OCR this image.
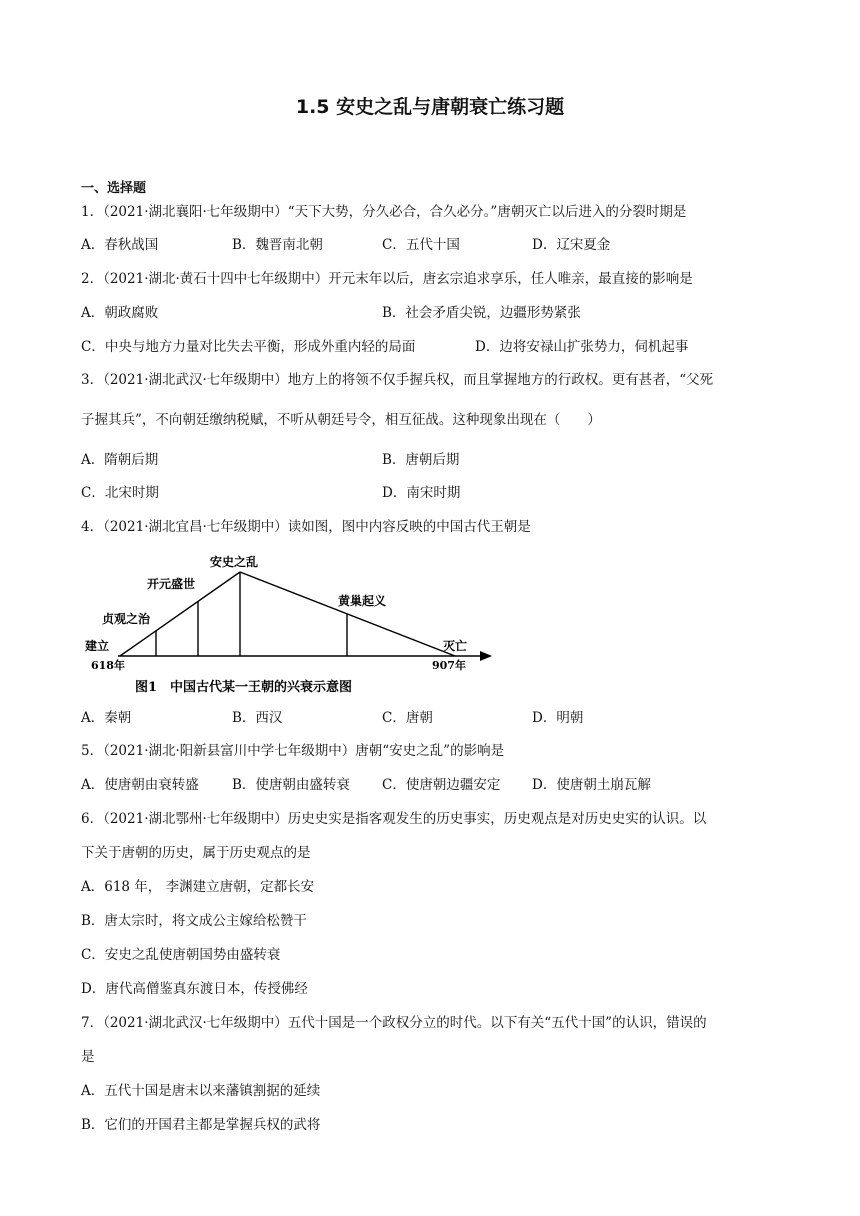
1.5 安史之乱与唐朝衰亡练习题
一、选择题
1．（2021·湖北襄阳·七年级期中）“天下大势，分久必合，合久必分。”唐朝灭亡以后进入的分裂时期是
A．春秋战国	B．魏晋南北朝	C．五代十国	D．辽宋夏金
2．（2021·湖北·黄石十四中七年级期中）开元末年以后，唐玄宗追求享乐，任人唯亲，最直接的影响是
A．朝政腐败	B．社会矛盾尖锐，边疆形势紧张
C．中央与地方力量对比失去平衡，形成外重内轻的局面	D．边将安禄山扩张势力，伺机起事
3．（2021·湖北武汉·七年级期中）地方上的将领不仅手握兵权，而且掌握地方的行政权。更有甚者，“父死
子握其兵”，不向朝廷缴纳税赋，不听从朝廷号令，相互征战。这种现象出现在（　　）
A．隋朝后期	B．唐朝后期
C．北宋时期	D．南宋时期
4．（2021·湖北宜昌·七年级期中）读如图，图中内容反映的中国古代王朝是
建立
618年
贞观之治
开元盛世
安史之乱
黄巢起义
灭亡
907年
图1　中国古代某一王朝的兴衰示意图
A．秦朝	B．西汉	C．唐朝	D．明朝
5．（2021·湖北·阳新县富川中学七年级期中）唐朝“安史之乱”的影响是
A．使唐朝由衰转盛 B．使唐朝由盛转衰 C．使唐朝边疆安定 D．使唐朝土崩瓦解
6．（2021·湖北鄂州·七年级期中）历史史实是指客观发生的历史事实，历史观点是对历史史实的认识。以
下关于唐朝的历史，属于历史观点的是
A．618 年， 李渊建立唐朝，定都长安
B．唐太宗时，将文成公主嫁给松赞干
C．安史之乱使唐朝国势由盛转衰
D．唐代高僧鉴真东渡日本，传授佛经
7．（2021·湖北武汉·七年级期中）五代十国是一个政权分立的时代。以下有关“五代十国”的认识，错误的
是
A．五代十国是唐末以来藩镇割据的延续
B．它们的开国君主都是掌握兵权的武将
